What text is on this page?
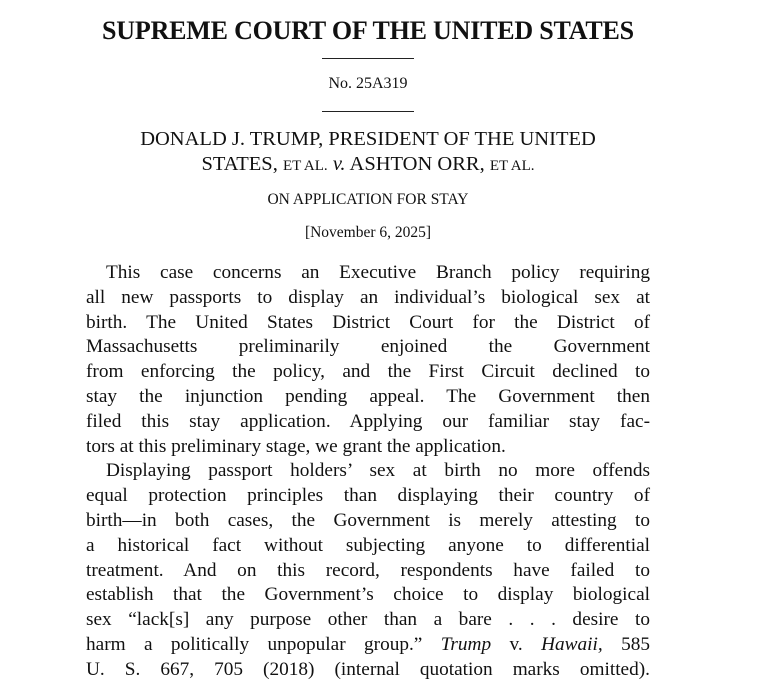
SUPREME COURT OF THE UNITED STATES
No. 25A319
DONALD J. TRUMP, PRESIDENT OF THE UNITED
STATES, ET AL. v. ASHTON ORR, ET AL.
ON APPLICATION FOR STAY
[November 6, 2025]
This case concerns an Executive Branch policy requiring
all new passports to display an individual’s biological sex at
birth. The United States District Court for the District of
Massachusetts preliminarily enjoined the Government
from enforcing the policy, and the First Circuit declined to
stay the injunction pending appeal. The Government then
filed this stay application. Applying our familiar stay fac-
tors at this preliminary stage, we grant the application.
Displaying passport holders’ sex at birth no more offends
equal protection principles than displaying their country of
birth—in both cases, the Government is merely attesting to
a historical fact without subjecting anyone to differential
treatment. And on this record, respondents have failed to
establish that the Government’s choice to display biological
sex “lack[s] any purpose other than a bare . . . desire to
harm a politically unpopular group.” Trump v. Hawaii, 585
U. S. 667, 705 (2018) (internal quotation marks omitted).
